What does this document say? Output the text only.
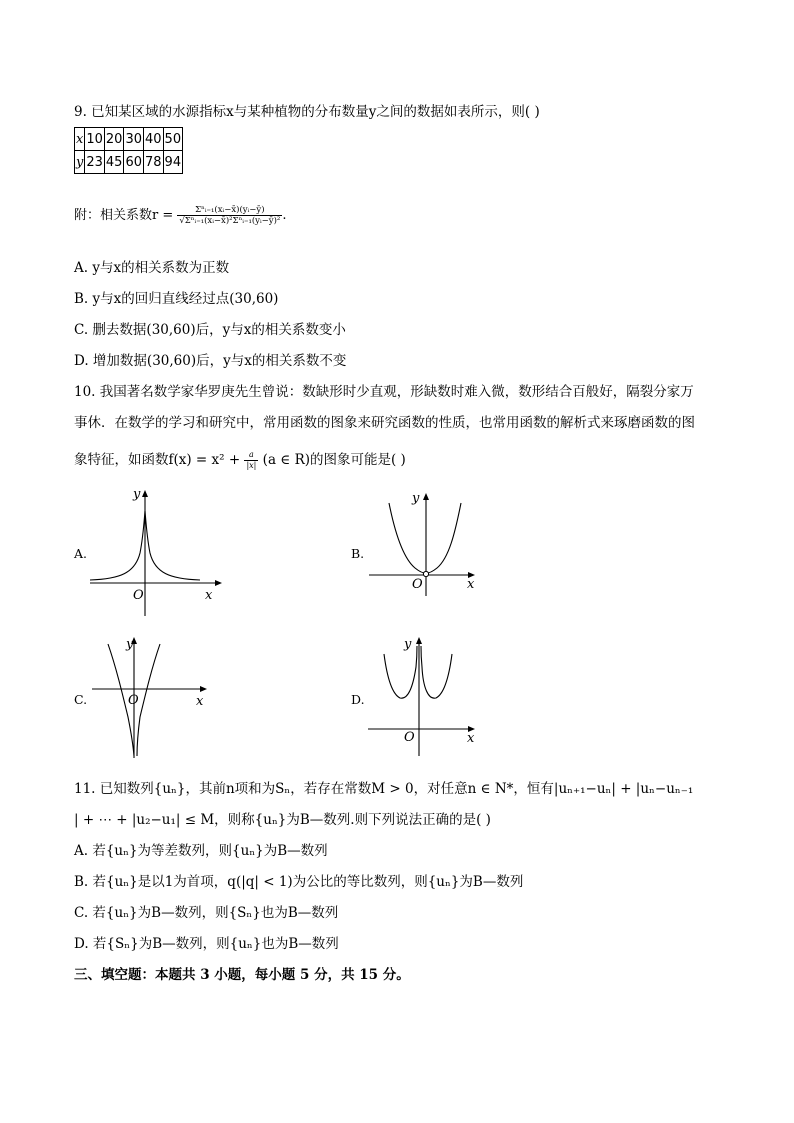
9. 已知某区域的水源指标x与某种植物的分布数量y之间的数据如表所示，则( )
x	10	20	30	40	50
y	23	45	60	78	94
附：相关系数$r = \frac{\text{Σⁿᵢ₌₁(xᵢ−x̄)(yᵢ−ȳ)}}{\text{√Σⁿᵢ₌₁(xᵢ−x̄)²Σⁿᵢ₌₁(yᵢ−ȳ)²}}$ .
A. y与x的相关系数为正数
B. y与x的回归直线经过点(30,60)
C. 删去数据(30,60)后，y与x的相关系数变小
D. 增加数据(30,60)后，y与x的相关系数不变
10. 我国著名数学家华罗庚先生曾说：数缺形时少直观，形缺数时难入微，数形结合百般好，隔裂分家万
事休．在数学的学习和研究中，常用函数的图象来研究函数的性质，也常用函数的解析式来琢磨函数的图
象特征，如函数$f(x) = x^2 + \frac{a}{|x|} (a$ ∈ R)的图象可能是( )
A.
y
x
O
B.
y
x
O
C.
y
x
O	D.
y
x
O
11. 已知数列{uₙ}，其前n项和为Sₙ，若存在常数M > 0，对任意n ∈ N*，恒有|uₙ₊₁−uₙ| + |uₙ−uₙ₋₁
| + ⋯ + |u₂−u₁| ≤ M，则称{uₙ}为B—数列.则下列说法正确的是( )
A. 若{uₙ}为等差数列，则{uₙ}为B—数列
B. 若{uₙ}是以1为首项，q(|q| < 1)为公比的等比数列，则{uₙ}为B—数列
C. 若{uₙ}为B—数列，则{Sₙ}也为B—数列
D. 若{Sₙ}为B—数列，则{uₙ}也为B—数列
三、填空题：本题共 3 小题，每小题 5 分，共 15 分。
